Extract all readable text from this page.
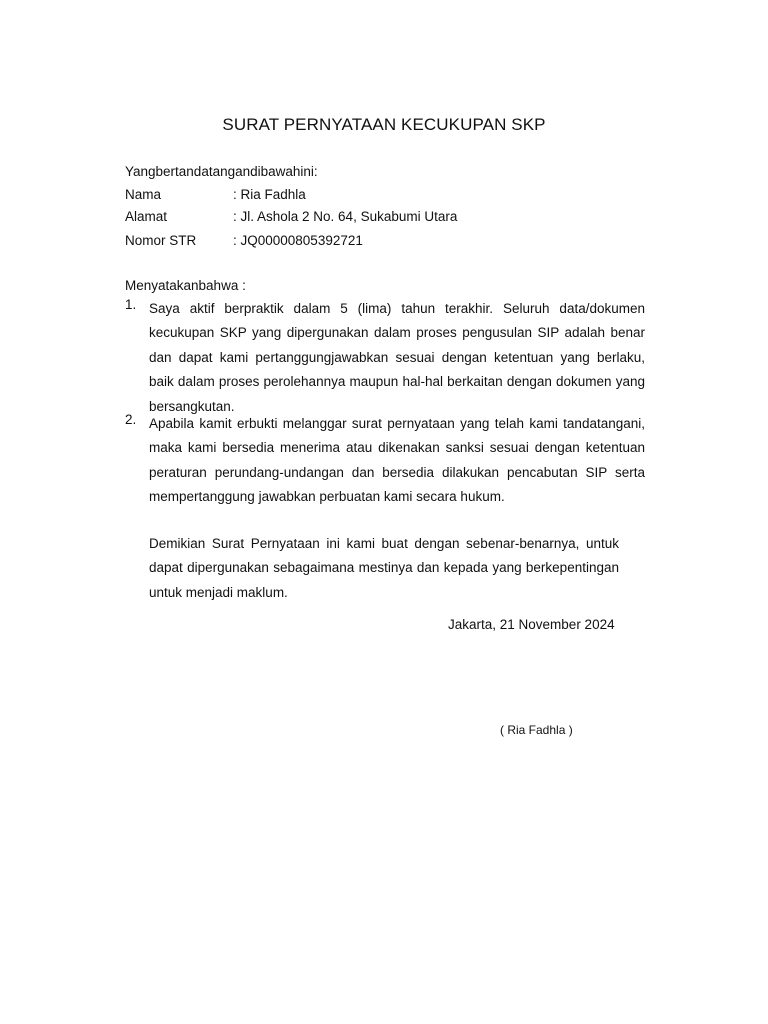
SURAT PERNYATAAN KECUKUPAN SKP
Yangbertandatangandibawahini:
Nama	: Ria Fadhla
Alamat	: Jl. Ashola 2 No. 64, Sukabumi Utara
Nomor STR	: JQ00000805392721
Menyatakanbahwa :
1. Saya aktif berpraktik dalam 5 (lima) tahun terakhir. Seluruh data/dokumen kecukupan SKP yang dipergunakan dalam proses pengusulan SIP adalah benar dan dapat kami pertanggungjawabkan sesuai dengan ketentuan yang berlaku, baik dalam proses perolehannya maupun hal-hal berkaitan dengan dokumen yang bersangkutan.
2. Apabila kamit erbukti melanggar surat pernyataan yang telah kami tandatangani, maka kami bersedia menerima atau dikenakan sanksi sesuai dengan ketentuan peraturan perundang-undangan dan bersedia dilakukan pencabutan SIP serta mempertanggung jawabkan perbuatan kami secara hukum.
Demikian Surat Pernyataan ini kami buat dengan sebenar-benarnya, untuk dapat dipergunakan sebagaimana mestinya dan kepada yang berkepentingan untuk menjadi maklum.
Jakarta, 21 November 2024
( Ria Fadhla )
